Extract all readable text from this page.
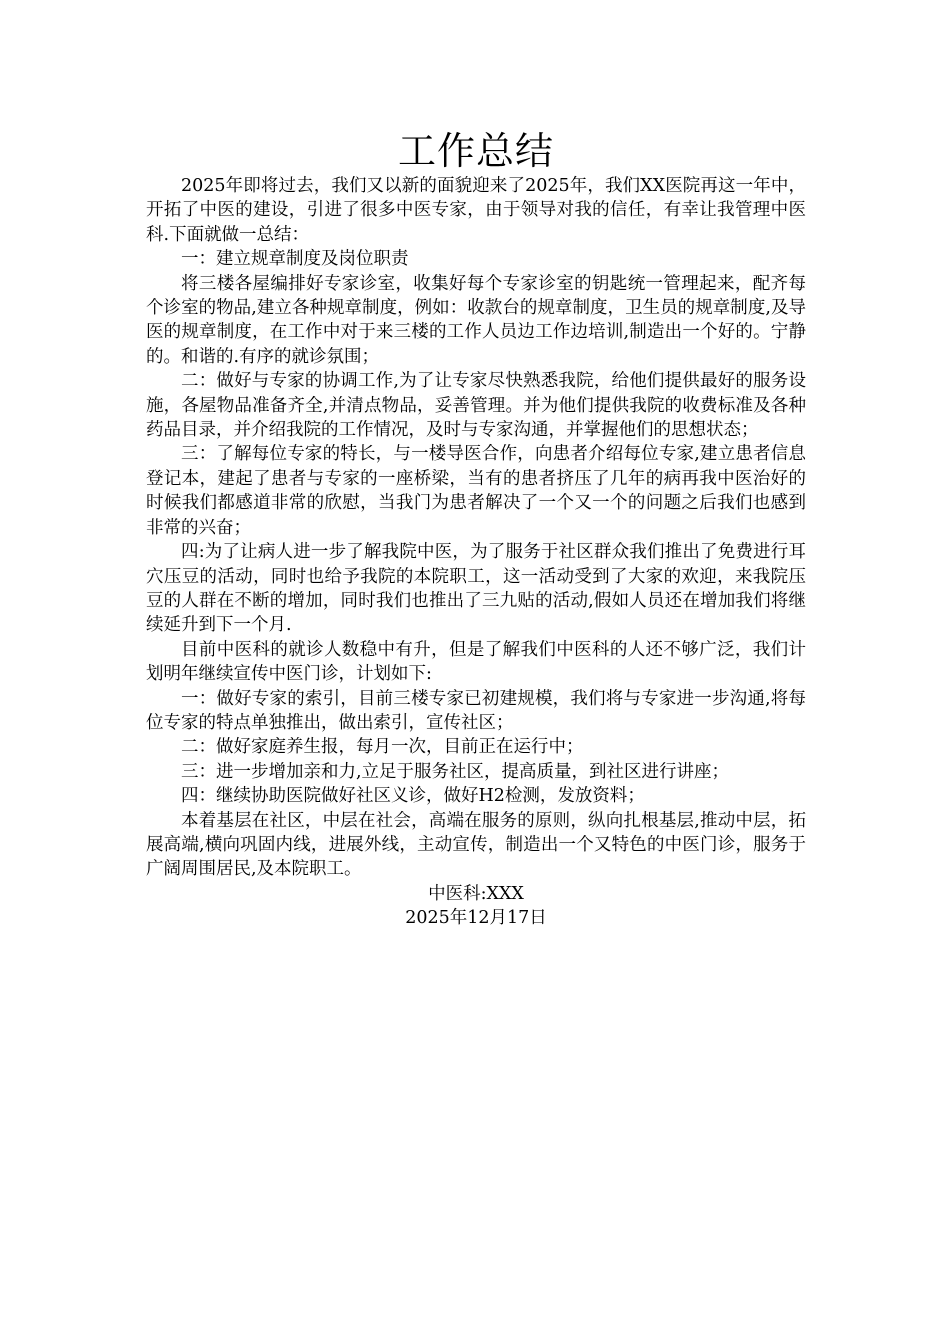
工作总结

2025年即将过去，我们又以新的面貌迎来了2025年，我们XX医院再这一年中，开拓了中医的建设，引进了很多中医专家，由于领导对我的信任，有幸让我管理中医科.下面就做一总结：

一：建立规章制度及岗位职责

将三楼各屋编排好专家诊室，收集好每个专家诊室的钥匙统一管理起来，配齐每个诊室的物品,建立各种规章制度，例如：收款台的规章制度，卫生员的规章制度,及导医的规章制度，在工作中对于来三楼的工作人员边工作边培训,制造出一个好的。宁静的。和谐的.有序的就诊氛围；

二：做好与专家的协调工作,为了让专家尽快熟悉我院，给他们提供最好的服务设施，各屋物品准备齐全,并清点物品，妥善管理。并为他们提供我院的收费标准及各种药品目录，并介绍我院的工作情况，及时与专家沟通，并掌握他们的思想状态；

三：了解每位专家的特长，与一楼导医合作，向患者介绍每位专家,建立患者信息登记本，建起了患者与专家的一座桥梁，当有的患者挤压了几年的病再我中医治好的时候我们都感道非常的欣慰，当我门为患者解决了一个又一个的问题之后我们也感到非常的兴奋；

四:为了让病人进一步了解我院中医，为了服务于社区群众我们推出了免费进行耳穴压豆的活动，同时也给予我院的本院职工，这一活动受到了大家的欢迎，来我院压豆的人群在不断的增加，同时我们也推出了三九贴的活动,假如人员还在增加我们将继续延升到下一个月.

目前中医科的就诊人数稳中有升，但是了解我们中医科的人还不够广泛，我们计划明年继续宣传中医门诊，计划如下:

一：做好专家的索引，目前三楼专家已初建规模，我们将与专家进一步沟通,将每位专家的特点单独推出，做出索引，宣传社区；

二：做好家庭养生报，每月一次，目前正在运行中；

三：进一步增加亲和力,立足于服务社区，提高质量，到社区进行讲座；

四：继续协助医院做好社区义诊，做好H2检测，发放资料；

本着基层在社区，中层在社会，高端在服务的原则，纵向扎根基层,推动中层，拓展高端,横向巩固内线，进展外线，主动宣传，制造出一个又特色的中医门诊，服务于广阔周围居民,及本院职工。

中医科:XXX

2025年12月17日
